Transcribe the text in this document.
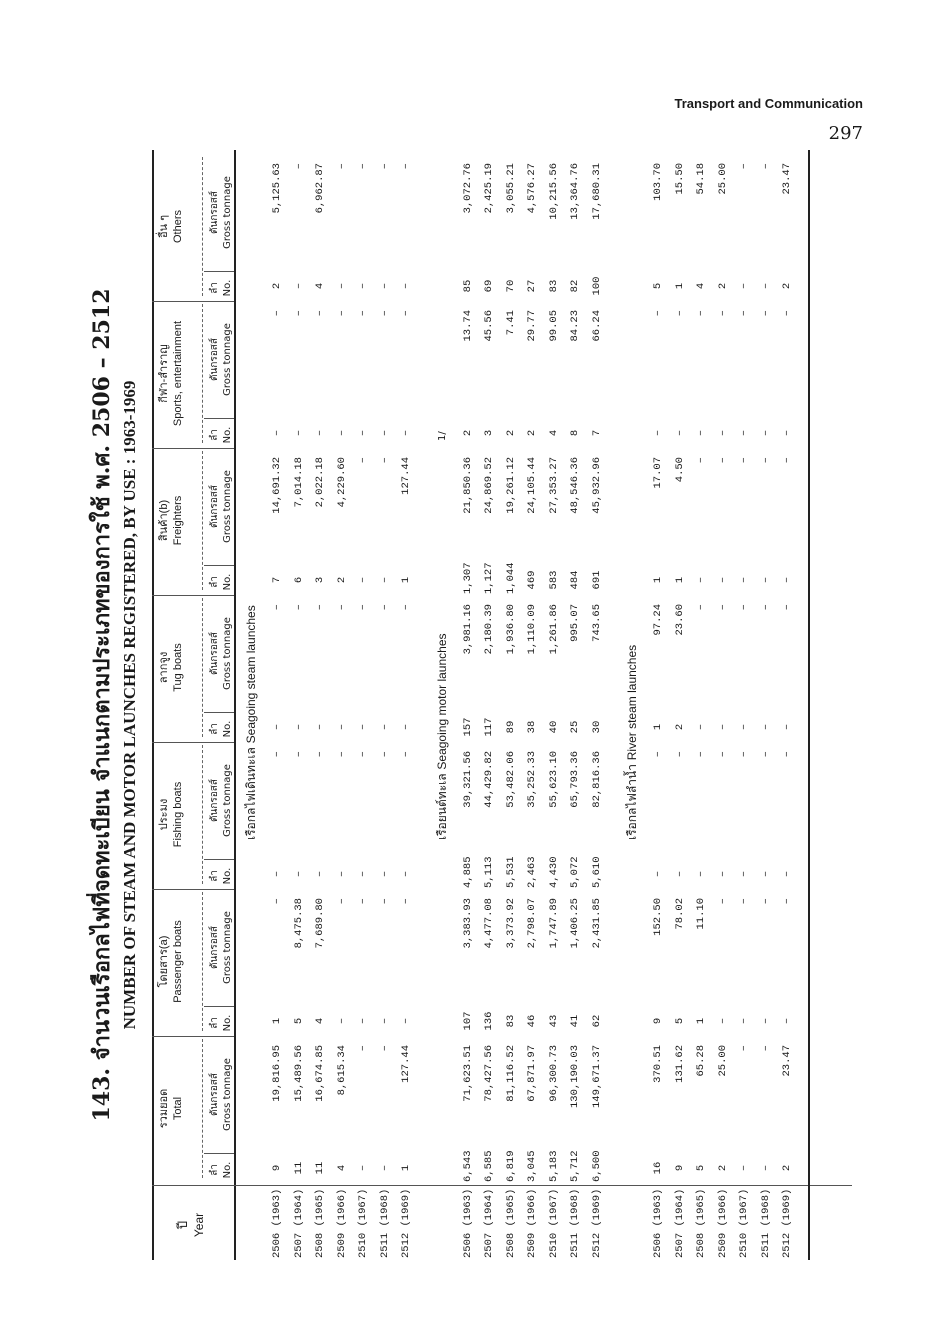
Transport and Communication
297
143. จำนวนเรือกลไฟที่จดทะเบียน จำแนกตามประเภทของการใช้ พ.ศ. 2506 – 2512 NUMBER OF STEAM AND MOTOR LAUNCHES REGISTERED, BY USE : 1963-1969
ปี Year
รวมยอด Total
ลำ No.
ตันกรอสส์ Gross tonnage
โดยสาร(a) Passenger boats
ลำ No.
ตันกรอสส์ Gross tonnage
ประมง Fishing boats
ลำ No.
ตันกรอสส์ Gross tonnage
ลากจูง Tug boats
ลำ No.
ตันกรอสส์ Gross tonnage
สินค้า(b) Freighters
ลำ No.
ตันกรอสส์ Gross tonnage
กีฬา-สำราญ Sports, entertainment
ลำ No.
ตันกรอสส์ Gross tonnage
อื่น ๆ Others
ลำ No.
ตันกรอสส์ Gross tonnage
เรือกลไฟเดินทะเล Seagoing steam launches
2506 (1963)
9
19,816.95
1
–
–
–
–
–
7
14,691.32
–
–
2
5,125.63
2507 (1964)
11
15,489.56
5
8,475.38
–
–
–
–
6
7,014.18
–
–
–
–
2508 (1965)
11
16,674.85
4
7,689.80
–
–
–
–
3
2,022.18
–
–
4
6,962.87
2509 (1966)
4
8,615.34
–
–
–
–
–
–
2
4,229.60
–
–
–
–
2510 (1967)
–
–
–
–
–
–
–
–
–
–
–
–
–
–
2511 (1968)
–
–
–
–
–
–
–
–
–
–
–
–
–
–
2512 (1969)
1
127.44
–
–
–
–
–
–
1
127.44
–
–
–
–
เรือยนต์ทะเล Seagoing motor launches
2506 (1963)
6,543
71,623.51
107
3,383.93
4,885
39,321.56
157
3,981.16
1,307
21,850.36
2
13.74
85
3,072.76
2507 (1964)
6,585
78,427.56
136
4,477.08
5,113
44,429.82
117
2,180.39
1,127
24,869.52
3
45.56
69
2,425.19
2508 (1965)
6,819
81,116.52
83
3,373.92
5,531
53,482.06
89
1,936.80
1,044
19,261.12
2
7.41
70
3,055.21
2509 (1966)
3,045
67,871.97
46
2,798.07
2,463
35,252.33
38
1,110.09
469
24,105.44
2
29.77
27
4,576.27
2510 (1967)
5,183
96,300.73
43
1,747.89
4,430
55,623.10
40
1,261.86
583
27,353.27
4
99.05
83
10,215.56
2511 (1968)
5,712
130,190.03
41
1,406.25
5,072
65,793.36
25
995.07
484
48,546.36
8
84.23
82
13,364.76
2512 (1969)
6,500
149,671.37
62
2,431.85
5,610
82,816.36
30
743.65
691
45,932.96
7
66.24
100
17,680.31
1/
เรือกลไฟลำน้ำ River steam launches
2506 (1963)
16
370.51
9
152.50
–
–
1
97.24
1
17.07
–
–
5
103.70
2507 (1964)
9
131.62
5
78.02
–
–
2
23.60
1
4.50
–
–
1
15.50
2508 (1965)
5
65.28
1
11.10
–
–
–
–
–
–
–
–
4
54.18
2509 (1966)
2
25.00
–
–
–
–
–
–
–
–
–
–
2
25.00
2510 (1967)
–
–
–
–
–
–
–
–
–
–
–
–
–
–
2511 (1968)
–
–
–
–
–
–
–
–
–
–
–
–
–
–
2512 (1969)
2
23.47
–
–
–
–
–
–
–
–
–
–
2
23.47
